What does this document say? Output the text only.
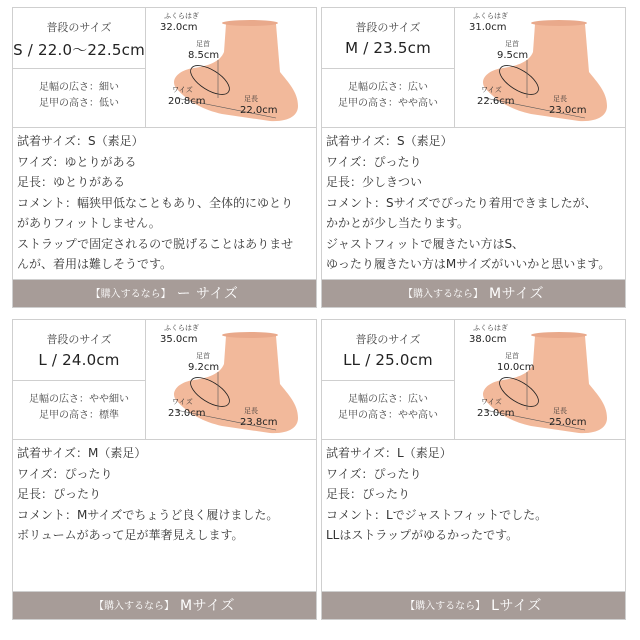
普段のサイズ
S / 22.0〜22.5cm
足幅の広さ：細い
足甲の高さ：低い
ふくらはぎ
32.0cm
足首
8.5cm
ワイズ
20.8cm	足長
22.0cm
試着サイズ：S（素足）
ワイズ：ゆとりがある
足長：ゆとりがある
コメント：幅狭甲低なこともあり、全体的にゆとり
がありフィットしません。
ストラップで固定されるので脱げることはありませ
んが、着用は難しそうです。
【購入するなら】 ー サイズ
普段のサイズ
M / 23.5cm
足幅の広さ：広い
足甲の高さ：やや高い
ふくらはぎ
31.0cm
足首
9.5cm
ワイズ
22.6cm	足長
23.0cm
試着サイズ：S（素足）
ワイズ：ぴったり
足長：少しきつい
コメント：Sサイズでぴったり着用できましたが、
かかとが少し当たります。
ジャストフィットで履きたい方はS、
ゆったり履きたい方はMサイズがいいかと思います。
【購入するなら】 Mサイズ
普段のサイズ
L / 24.0cm
足幅の広さ：やや細い
足甲の高さ：標準
ふくらはぎ
35.0cm
足首
9.2cm
ワイズ
23.0cm	足長
23.8cm
試着サイズ：M（素足）
ワイズ：ぴったり
足長：ぴったり
コメント：Mサイズでちょうど良く履けました。
ボリュームがあって足が華奢見えします。
【購入するなら】 Mサイズ
普段のサイズ
LL / 25.0cm
足幅の広さ：広い
足甲の高さ：やや高い
ふくらはぎ
38.0cm
足首
10.0cm
ワイズ
23.0cm	足長
25.0cm
試着サイズ：L（素足）
ワイズ：ぴったり
足長：ぴったり
コメント：Lでジャストフィットでした。
LLはストラップがゆるかったです。
【購入するなら】 Lサイズ
